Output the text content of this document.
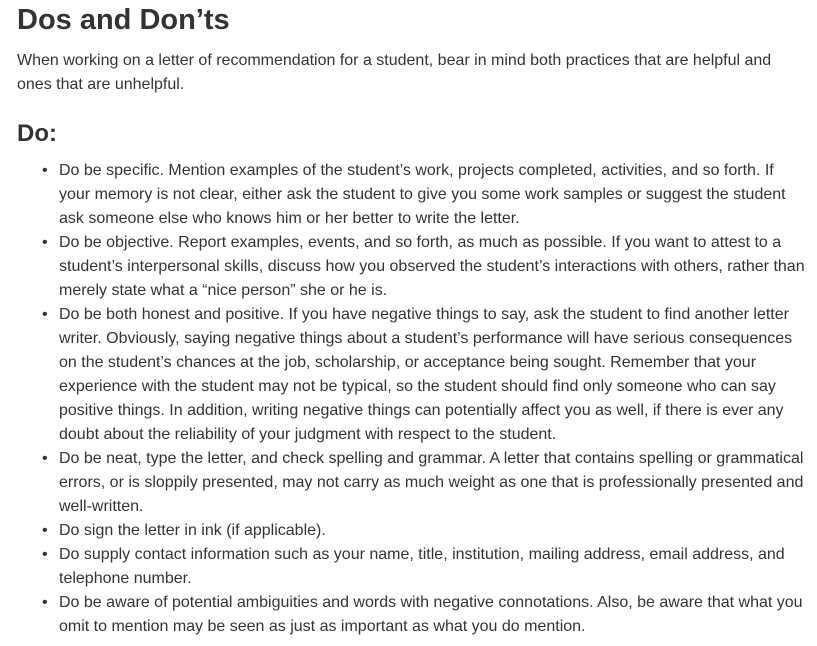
Dos and Don’ts

When working on a letter of recommendation for a student, bear in mind both practices that are helpful and ones that are unhelpful.

Do:
• Do be specific. Mention examples of the student’s work, projects completed, activities, and so forth. If your memory is not clear, either ask the student to give you some work samples or suggest the student ask someone else who knows him or her better to write the letter.
• Do be objective. Report examples, events, and so forth, as much as possible. If you want to attest to a student’s interpersonal skills, discuss how you observed the student’s interactions with others, rather than merely state what a “nice person” she or he is.
• Do be both honest and positive. If you have negative things to say, ask the student to find another letter writer. Obviously, saying negative things about a student’s performance will have serious consequences on the student’s chances at the job, scholarship, or acceptance being sought. Remember that your experience with the student may not be typical, so the student should find only someone who can say positive things. In addition, writing negative things can potentially affect you as well, if there is ever any doubt about the reliability of your judgment with respect to the student.
• Do be neat, type the letter, and check spelling and grammar. A letter that contains spelling or grammatical errors, or is sloppily presented, may not carry as much weight as one that is professionally presented and well-written.
• Do sign the letter in ink (if applicable).
• Do supply contact information such as your name, title, institution, mailing address, email address, and telephone number.
• Do be aware of potential ambiguities and words with negative connotations. Also, be aware that what you omit to mention may be seen as just as important as what you do mention.
